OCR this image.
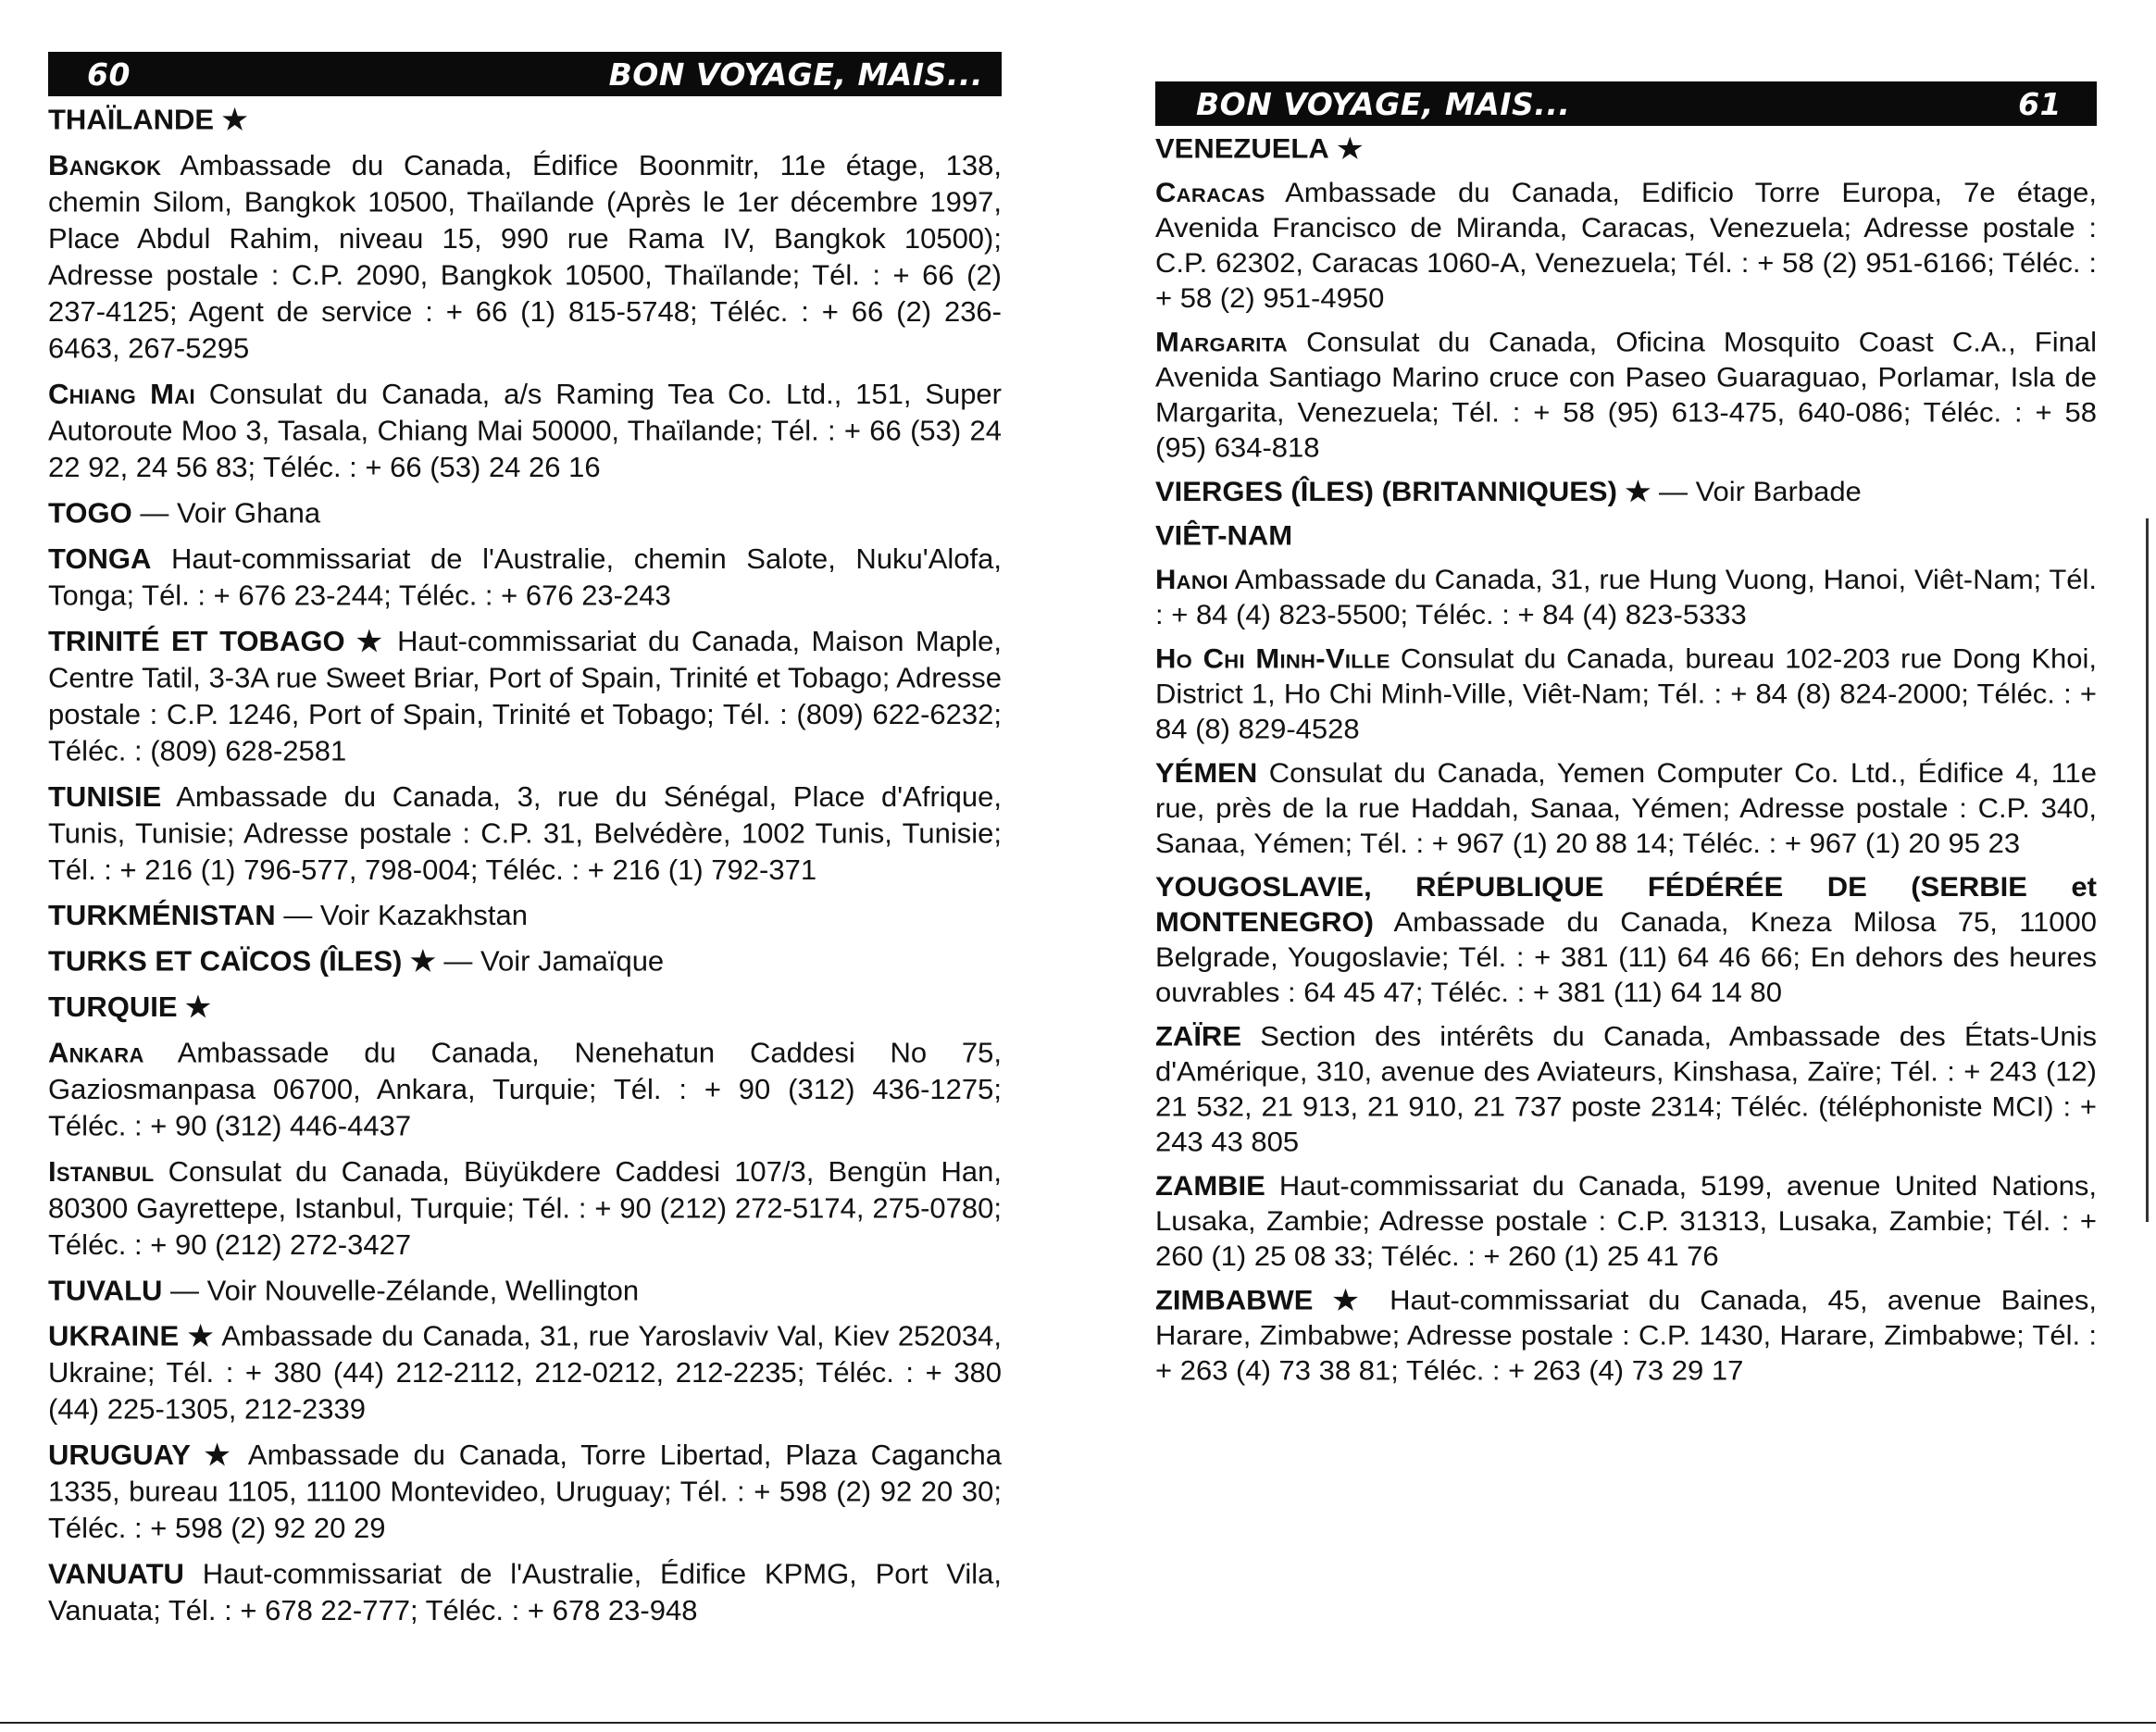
60	BON VOYAGE, MAIS...

THAÏLANDE ★

Bangkok Ambassade du Canada, Édifice Boonmitr, 11e étage, 138, chemin Silom, Bangkok 10500, Thaïlande (Après le 1er décembre 1997, Place Abdul Rahim, niveau 15, 990 rue Rama IV, Bangkok 10500); Adresse postale : C.P. 2090, Bangkok 10500, Thaïlande; Tél. : + 66 (2) 237-4125; Agent de service : + 66 (1) 815-5748; Téléc. : + 66 (2) 236-6463, 267-5295

Chiang Mai Consulat du Canada, a/s Raming Tea Co. Ltd., 151, Super Autoroute Moo 3, Tasala, Chiang Mai 50000, Thaïlande; Tél. : + 66 (53) 24 22 92, 24 56 83; Téléc. : + 66 (53) 24 26 16

TOGO — Voir Ghana

TONGA Haut-commissariat de l'Australie, chemin Salote, Nuku'Alofa, Tonga; Tél. : + 676 23-244; Téléc. : + 676 23-243

TRINITÉ ET TOBAGO ★ Haut-commissariat du Canada, Maison Maple, Centre Tatil, 3-3A rue Sweet Briar, Port of Spain, Trinité et Tobago; Adresse postale : C.P. 1246, Port of Spain, Trinité et Tobago; Tél. : (809) 622-6232; Téléc. : (809) 628-2581

TUNISIE Ambassade du Canada, 3, rue du Sénégal, Place d'Afrique, Tunis, Tunisie; Adresse postale : C.P. 31, Belvédère, 1002 Tunis, Tunisie; Tél. : + 216 (1) 796-577, 798-004; Téléc. : + 216 (1) 792-371

TURKMÉNISTAN — Voir Kazakhstan

TURKS ET CAÏCOS (ÎLES) ★ — Voir Jamaïque

TURQUIE ★

Ankara Ambassade du Canada, Nenehatun Caddesi No 75, Gaziosmanpasa 06700, Ankara, Turquie; Tél. : + 90 (312) 436-1275; Téléc. : + 90 (312) 446-4437

Istanbul Consulat du Canada, Büyükdere Caddesi 107/3, Bengün Han, 80300 Gayrettepe, Istanbul, Turquie; Tél. : + 90 (212) 272-5174, 275-0780; Téléc. : + 90 (212) 272-3427

TUVALU — Voir Nouvelle-Zélande, Wellington

UKRAINE ★ Ambassade du Canada, 31, rue Yaroslaviv Val, Kiev 252034, Ukraine; Tél. : + 380 (44) 212-2112, 212-0212, 212-2235; Téléc. : + 380 (44) 225-1305, 212-2339

URUGUAY ★ Ambassade du Canada, Torre Libertad, Plaza Cagancha 1335, bureau 1105, 11100 Montevideo, Uruguay; Tél. : + 598 (2) 92 20 30; Téléc. : + 598 (2) 92 20 29

VANUATU Haut-commissariat de l'Australie, Édifice KPMG, Port Vila, Vanuata; Tél. : + 678 22-777; Téléc. : + 678 23-948

BON VOYAGE, MAIS...	61

VENEZUELA ★

Caracas Ambassade du Canada, Edificio Torre Europa, 7e étage, Avenida Francisco de Miranda, Caracas, Venezuela; Adresse postale : C.P. 62302, Caracas 1060-A, Venezuela; Tél. : + 58 (2) 951-6166; Téléc. : + 58 (2) 951-4950

Margarita Consulat du Canada, Oficina Mosquito Coast C.A., Final Avenida Santiago Marino cruce con Paseo Guaraguao, Porlamar, Isla de Margarita, Venezuela; Tél. : + 58 (95) 613-475, 640-086; Téléc. : + 58 (95) 634-818

VIERGES (ÎLES) (BRITANNIQUES) ★ — Voir Barbade

VIÊT-NAM

Hanoi Ambassade du Canada, 31, rue Hung Vuong, Hanoi, Viêt-Nam; Tél. : + 84 (4) 823-5500; Téléc. : + 84 (4) 823-5333

Ho Chi Minh-Ville Consulat du Canada, bureau 102-203 rue Dong Khoi, District 1, Ho Chi Minh-Ville, Viêt-Nam; Tél. : + 84 (8) 824-2000; Téléc. : + 84 (8) 829-4528

YÉMEN Consulat du Canada, Yemen Computer Co. Ltd., Édifice 4, 11e rue, près de la rue Haddah, Sanaa, Yémen; Adresse postale : C.P. 340, Sanaa, Yémen; Tél. : + 967 (1) 20 88 14; Téléc. : + 967 (1) 20 95 23

YOUGOSLAVIE, RÉPUBLIQUE FÉDÉRÉE DE (SERBIE et MONTENEGRO) Ambassade du Canada, Kneza Milosa 75, 11000 Belgrade, Yougoslavie; Tél. : + 381 (11) 64 46 66; En dehors des heures ouvrables : 64 45 47; Téléc. : + 381 (11) 64 14 80

ZAÏRE Section des intérêts du Canada, Ambassade des États-Unis d'Amérique, 310, avenue des Aviateurs, Kinshasa, Zaïre; Tél. : + 243 (12) 21 532, 21 913, 21 910, 21 737 poste 2314; Téléc. (téléphoniste MCI) : + 243 43 805

ZAMBIE Haut-commissariat du Canada, 5199, avenue United Nations, Lusaka, Zambie; Adresse postale : C.P. 31313, Lusaka, Zambie; Tél. : + 260 (1) 25 08 33; Téléc. : + 260 (1) 25 41 76

ZIMBABWE ★ Haut-commissariat du Canada, 45, avenue Baines, Harare, Zimbabwe; Adresse postale : C.P. 1430, Harare, Zimbabwe; Tél. : + 263 (4) 73 38 81; Téléc. : + 263 (4) 73 29 17
